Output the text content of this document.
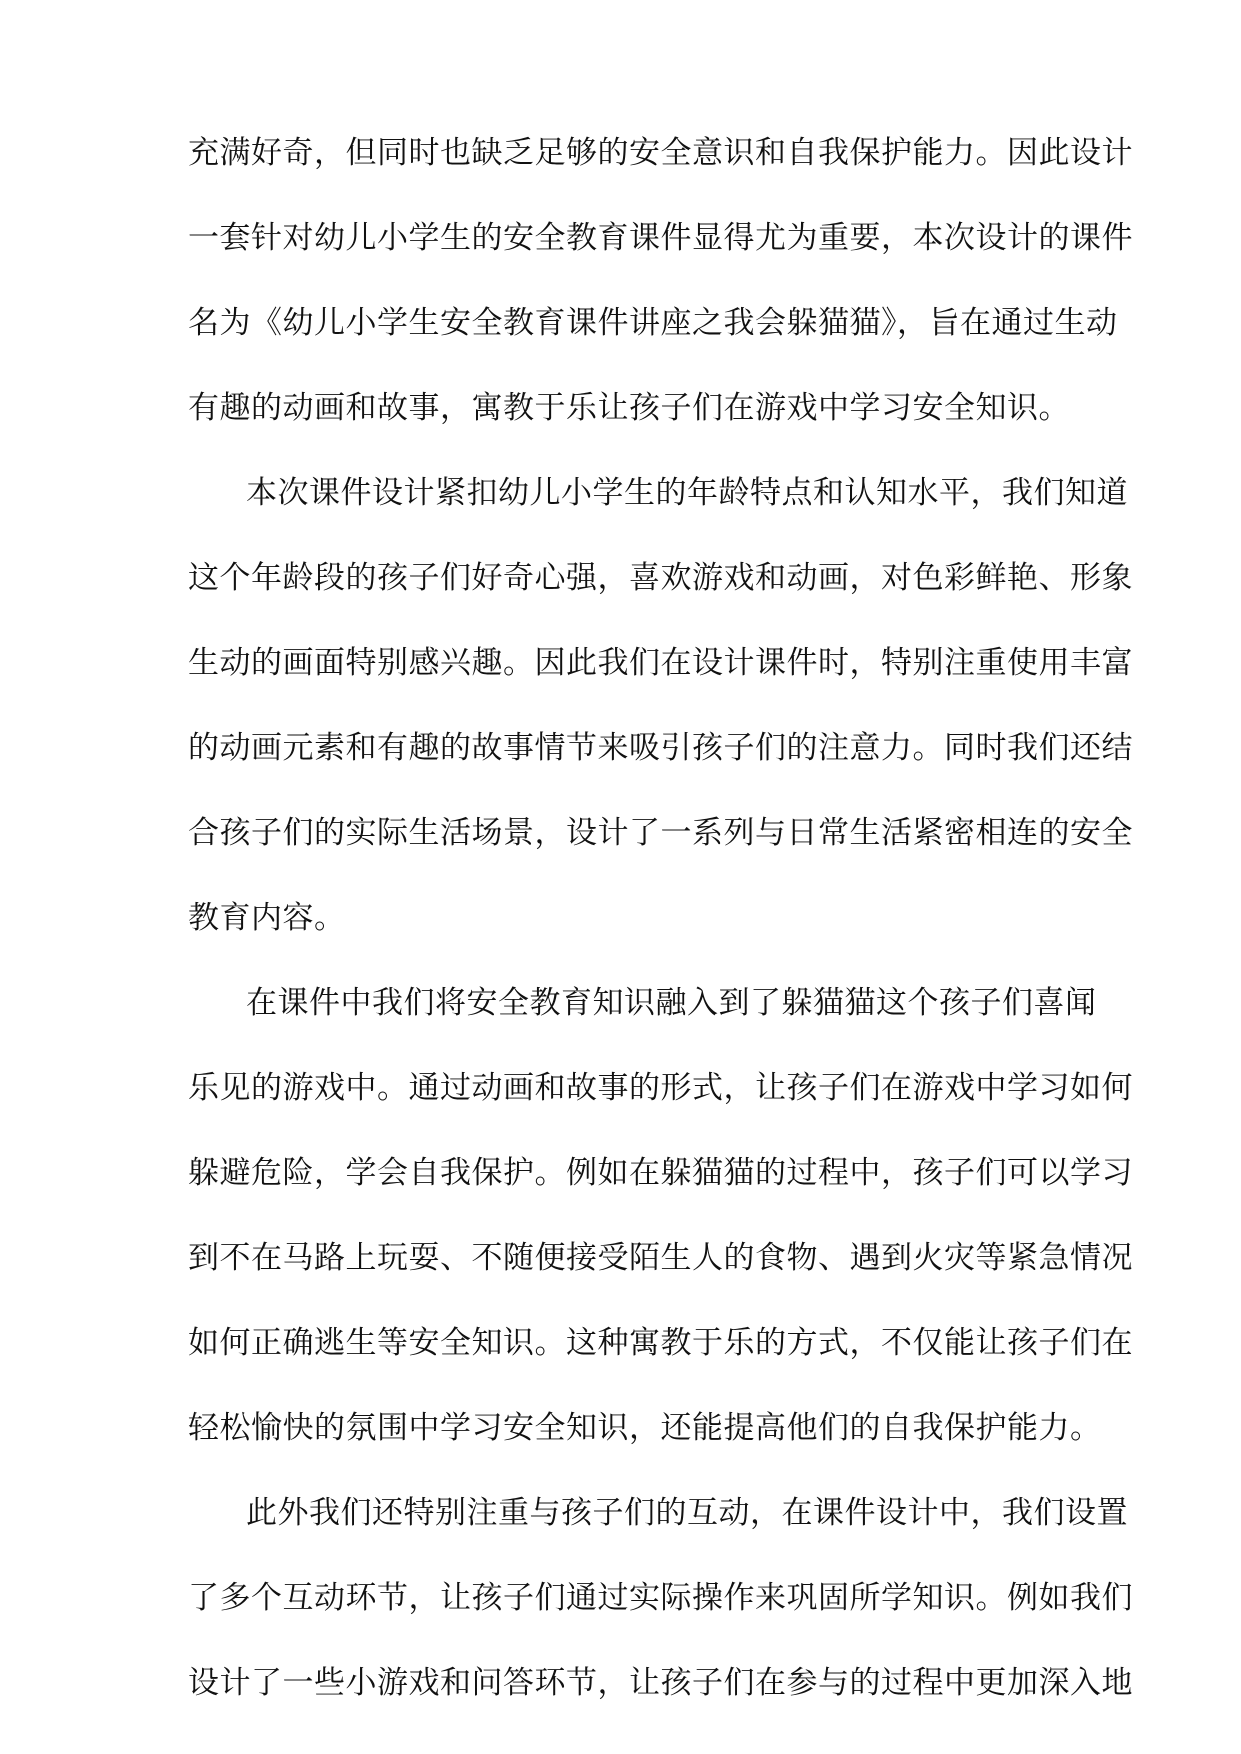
充满好奇，但同时也缺乏足够的安全意识和自我保护能力。因此设计
一套针对幼儿小学生的安全教育课件显得尤为重要，本次设计的课件
名为《幼儿小学生安全教育课件讲座之我会躲猫猫》，旨在通过生动
有趣的动画和故事，寓教于乐让孩子们在游戏中学习安全知识。
本次课件设计紧扣幼儿小学生的年龄特点和认知水平，我们知道
这个年龄段的孩子们好奇心强，喜欢游戏和动画，对色彩鲜艳、形象
生动的画面特别感兴趣。因此我们在设计课件时，特别注重使用丰富
的动画元素和有趣的故事情节来吸引孩子们的注意力。同时我们还结
合孩子们的实际生活场景，设计了一系列与日常生活紧密相连的安全
教育内容。
在课件中我们将安全教育知识融入到了躲猫猫这个孩子们喜闻
乐见的游戏中。通过动画和故事的形式，让孩子们在游戏中学习如何
躲避危险，学会自我保护。例如在躲猫猫的过程中，孩子们可以学习
到不在马路上玩耍、不随便接受陌生人的食物、遇到火灾等紧急情况
如何正确逃生等安全知识。这种寓教于乐的方式，不仅能让孩子们在
轻松愉快的氛围中学习安全知识，还能提高他们的自我保护能力。
此外我们还特别注重与孩子们的互动，在课件设计中，我们设置
了多个互动环节，让孩子们通过实际操作来巩固所学知识。例如我们
设计了一些小游戏和问答环节，让孩子们在参与的过程中更加深入地
